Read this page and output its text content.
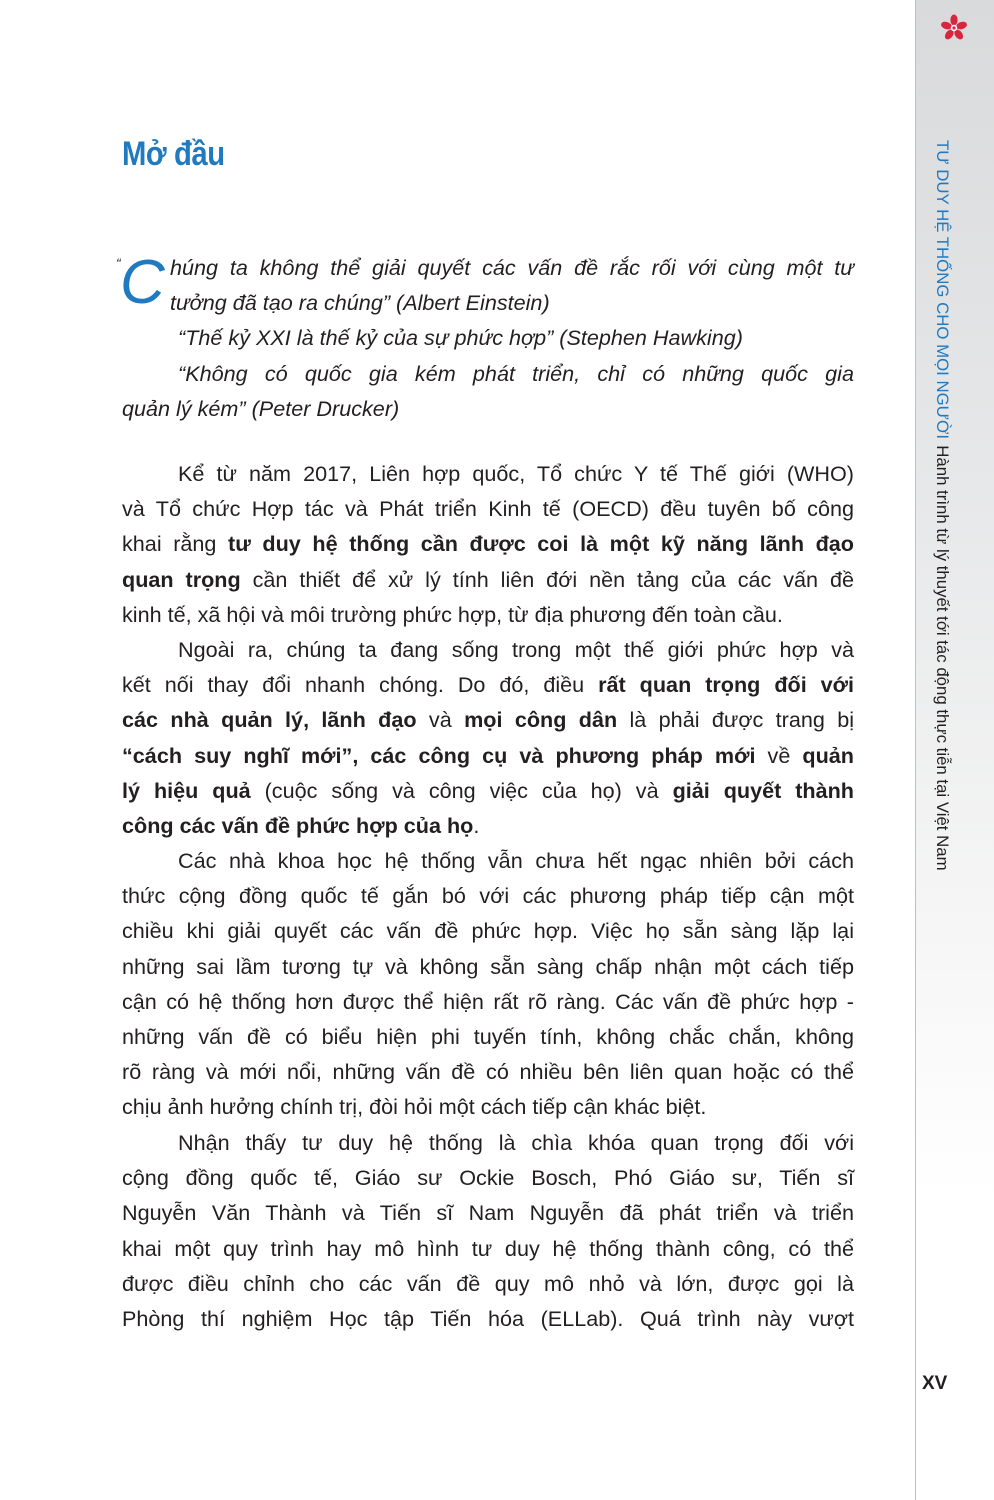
TƯ DUY HỆ THỐNG CHO MỌI NGƯỜIHành trình từ lý thuyết tới tác động thực tiễn tại Việt Nam
XV
Mở đầu
“ C húng ta không thể giải quyết các vấn đề rắc rối với cùng một tư
tưởng đã tạo ra chúng” (Albert Einstein)
“Thế kỷ XXI là thế kỷ của sự phức hợp” (Stephen Hawking)
“Không có quốc gia kém phát triển, chỉ có những quốc gia
quản lý kém” (Peter Drucker)
Kể từ năm 2017, Liên hợp quốc, Tổ chức Y tế Thế giới (WHO)
và Tổ chức Hợp tác và Phát triển Kinh tế (OECD) đều tuyên bố công
khai rằng tư duy hệ thống cần được coi là một kỹ năng lãnh đạo
quan trọng cần thiết để xử lý tính liên đới nền tảng của các vấn đề
kinh tế, xã hội và môi trường phức hợp, từ địa phương đến toàn cầu.
Ngoài ra, chúng ta đang sống trong một thế giới phức hợp và
kết nối thay đổi nhanh chóng. Do đó, điều rất quan trọng đối với
các nhà quản lý, lãnh đạo và mọi công dân là phải được trang bị
“cách suy nghĩ mới”, các công cụ và phương pháp mới về quản
lý hiệu quả (cuộc sống và công việc của họ) và giải quyết thành
công các vấn đề phức hợp của họ.
Các nhà khoa học hệ thống vẫn chưa hết ngạc nhiên bởi cách
thức cộng đồng quốc tế gắn bó với các phương pháp tiếp cận một
chiều khi giải quyết các vấn đề phức hợp. Việc họ sẵn sàng lặp lại
những sai lầm tương tự và không sẵn sàng chấp nhận một cách tiếp
cận có hệ thống hơn được thể hiện rất rõ ràng. Các vấn đề phức hợp -
những vấn đề có biểu hiện phi tuyến tính, không chắc chắn, không
rõ ràng và mới nổi, những vấn đề có nhiều bên liên quan hoặc có thể
chịu ảnh hưởng chính trị, đòi hỏi một cách tiếp cận khác biệt.
Nhận thấy tư duy hệ thống là chìa khóa quan trọng đối với
cộng đồng quốc tế, Giáo sư Ockie Bosch, Phó Giáo sư, Tiến sĩ
Nguyễn Văn Thành và Tiến sĩ Nam Nguyễn đã phát triển và triển
khai một quy trình hay mô hình tư duy hệ thống thành công, có thể
được điều chỉnh cho các vấn đề quy mô nhỏ và lớn, được gọi là
Phòng thí nghiệm Học tập Tiến hóa (ELLab). Quá trình này vượt
